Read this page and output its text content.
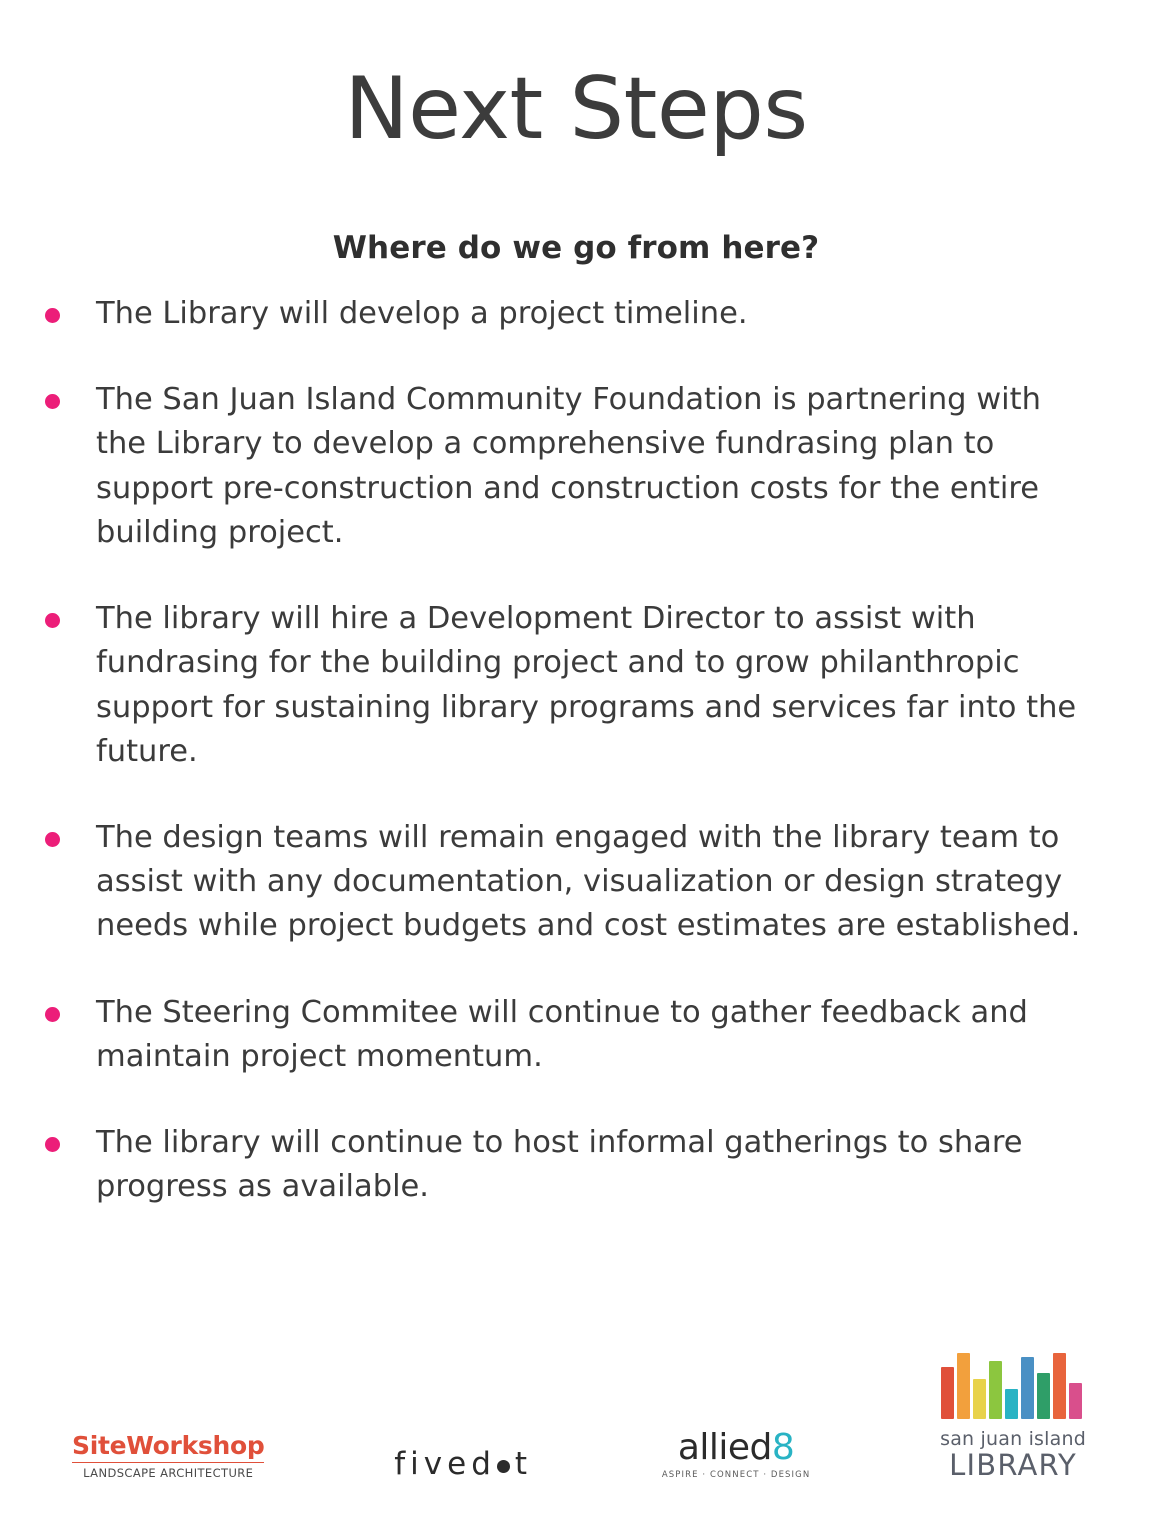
Next Steps
Where do we go from here?
The Library will develop a project timeline.
The San Juan Island Community Foundation is partnering with the Library to develop a comprehensive fundrasing plan to support pre-construction and construction costs for the entire building project.
The library will hire a Development Director to assist with fundrasing for the building project and to grow philanthropic support for sustaining library programs and services far into the future.
The design teams will remain engaged with the library team to assist with any documentation, visualization or design strategy needs while project budgets and cost estimates are established.
The Steering Commitee will continue to gather feedback and maintain project momentum.
The library will continue to host informal gatherings to share progress as available.
SiteWorkshop
LANDSCAPE ARCHITECTURE	fived t	allied8
ASPIRE · CONNECT · DESIGN
san juan island
LIBRARY
